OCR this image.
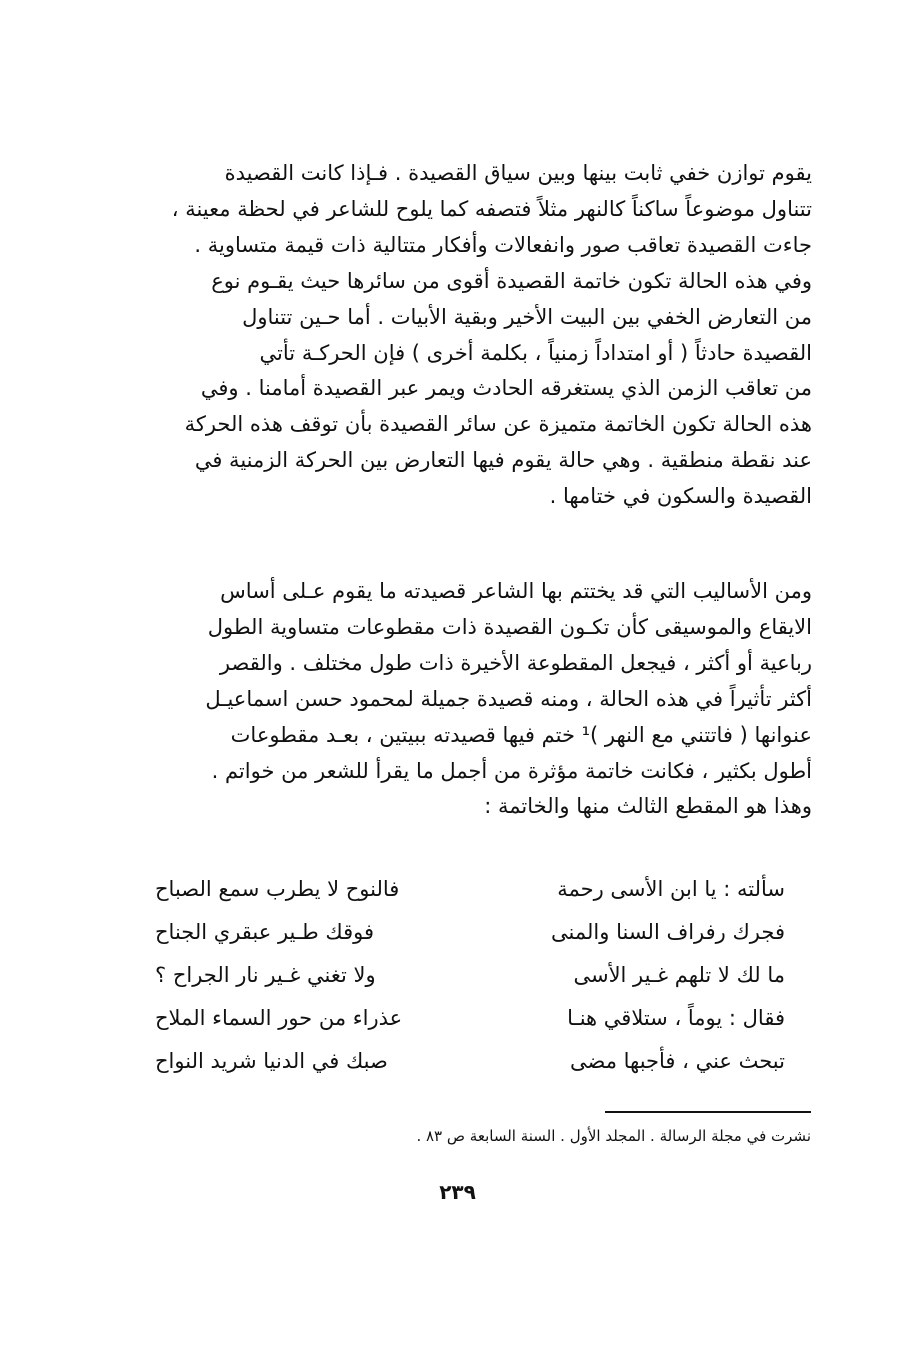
يقوم توازن خفي ثابت بينها وبين سياق القصيدة . فـإذا كانت القصيدة
تتناول موضوعاً ساكناً كالنهر مثلاً فتصفه كما يلوح للشاعر في لحظة معينة ،
جاءت القصيدة تعاقب صور وانفعالات وأفكار متتالية ذات قيمة متساوية .
وفي هذه الحالة تكون خاتمة القصيدة أقوى من سائرها حيث يقـوم نوع
من التعارض الخفي بين البيت الأخير وبقية الأبيات . أما حـين تتناول
القصيدة حادثاً ( أو امتداداً زمنياً ، بكلمة أخرى ) فإن الحركـة تأتي
من تعاقب الزمن الذي يستغرقه الحادث ويمر عبر القصيدة أمامنا . وفي
هذه الحالة تكون الخاتمة متميزة عن سائر القصيدة بأن توقف هذه الحركة
عند نقطة منطقية . وهي حالة يقوم فيها التعارض بين الحركة الزمنية في
القصيدة والسكون في ختامها .
ومن الأساليب التي قد يختتم بها الشاعر قصيدته ما يقوم عـلى أساس
الايقاع والموسيقى كأن تكـون القصيدة ذات مقطوعات متساوية الطول
رباعية أو أكثر ، فيجعل المقطوعة الأخيرة ذات طول مختلف . والقصر
أكثر تأثيراً في هذه الحالة ، ومنه قصيدة جميلة لمحمود حسن اسماعيـل
عنوانها ( فاتتني مع النهر )¹ ختم فيها قصيدته ببيتين ، بعـد مقطوعات
أطول بكثير ، فكانت خاتمة مؤثرة من أجمل ما يقرأ للشعر من خواتم .
وهذا هو المقطع الثالث منها والخاتمة :
سألته : يا ابن الأسى رحمة
فالنوح لا يطرب سمع الصباح
فجرك رفراف السنا والمنى
فوقك طـير عبقري الجناح
ما لك لا تلهم غـير الأسى
ولا تغني غـير نار الجراح ؟
فقال : يوماً ، ستلاقي هنـا
عذراء من حور السماء الملاح
تبحث عني ، فأجبها مضى
صبك في الدنيا شريد النواح
نشرت في مجلة الرسالة . المجلد الأول . السنة السابعة ص ٨٣ .
٢٣٩
